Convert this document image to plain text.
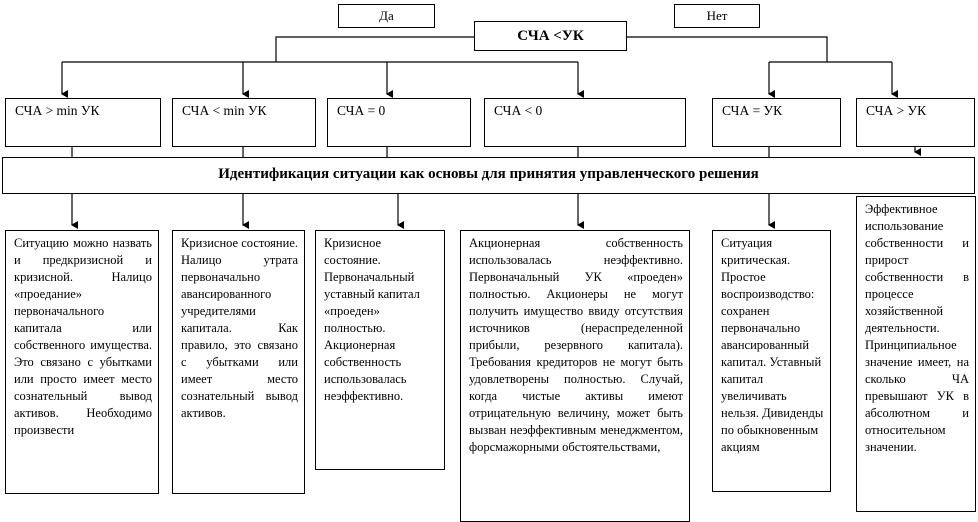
Да	Нет
СЧА <УК
СЧА > min УК	СЧА < min УК	СЧА = 0	СЧА < 0	СЧА = УК	СЧА > УК
Идентификация ситуации как основы для принятия управленческого решения
Ситуацию можно назвать и предкризисной и кризисной. Налицо «проедание» первоначального капитала или собственного имущества. Это связано с убытками или просто имеет место сознательный вывод активов. Необходимо произвести
Кризисное состояние. Налицо утрата первоначально авансированного учредителями капитала. Как правило, это связано с убытками или имеет место сознательный вывод активов.
Кризисное состояние. Первоначальный уставный капитал «проеден» полностью. Акционерная собственность использовалась неэффективно.
Акционерная собственность использовалась неэффективно. Первоначальный УК «проеден» полностью. Акционеры не могут получить имущество ввиду отсутствия источников (нераспределенной прибыли, резервного капитала). Требования кредиторов не могут быть удовлетворены полностью. Случай, когда чистые активы имеют отрицательную величину, может быть вызван неэффективным менеджментом, форсмажорными обстоятельствами,
Ситуация критическая. Простое воспроизводство: сохранен первоначально авансированный капитал. Уставный капитал увеличивать нельзя. Дивиденды по обыкновенным акциям
Эффективное использование собственности и прирост собственности в процессе хозяйственной деятельности. Принципиальное значение имеет, на сколько ЧА превышают УК в абсолютном и относительном значении.
